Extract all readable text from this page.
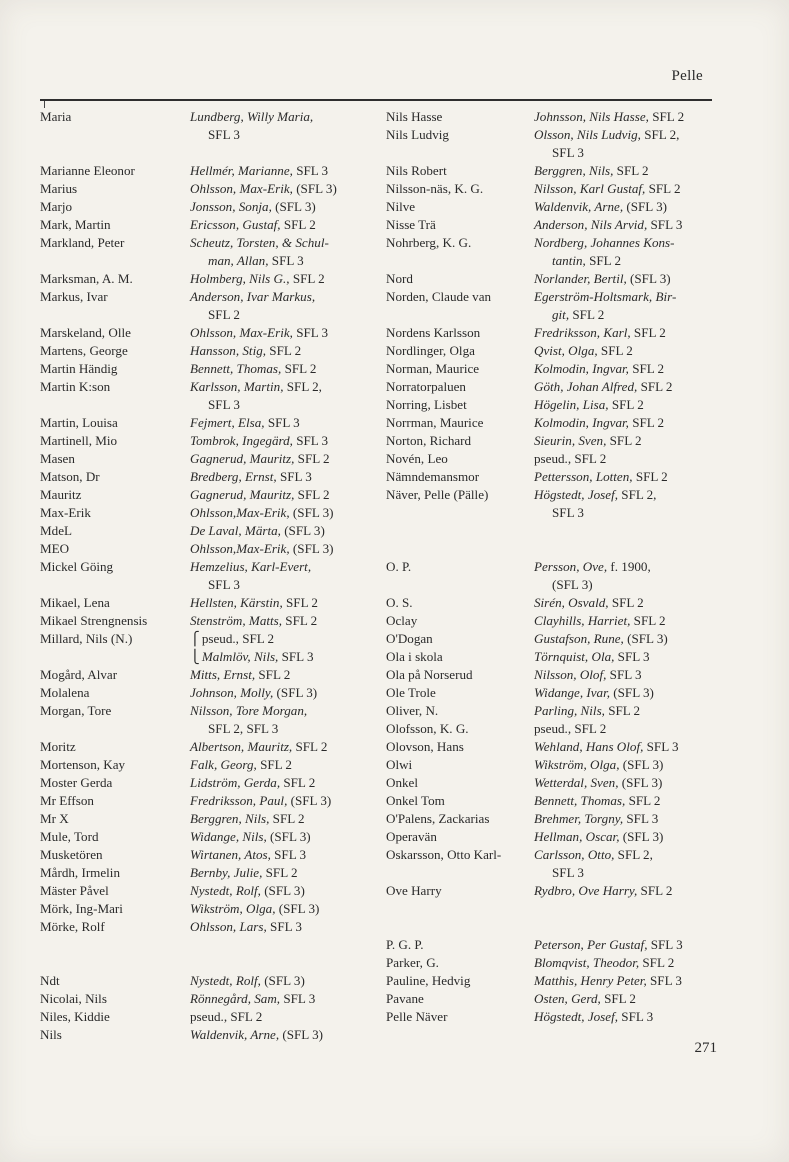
Pelle
Maria	Lundberg, Willy Maria,
SFL 3
Marianne Eleonor	Hellmér, Marianne, SFL 3
Marius	Ohlsson, Max-Erik, (SFL 3)
Marjo	Jonsson, Sonja, (SFL 3)
Mark, Martin	Ericsson, Gustaf, SFL 2
Markland, Peter	Scheutz, Torsten, & Schul-
man, Allan, SFL 3
Marksman, A. M.	Holmberg, Nils G., SFL 2
Markus, Ivar	Anderson, Ivar Markus,
SFL 2
Marskeland, Olle	Ohlsson, Max-Erik, SFL 3
Martens, George	Hansson, Stig, SFL 2
Martin Händig	Bennett, Thomas, SFL 2
Martin K:son	Karlsson, Martin, SFL 2,
SFL 3
Martin, Louisa	Fejmert, Elsa, SFL 3
Martinell, Mio	Tombrok, Ingegärd, SFL 3
Masen	Gagnerud, Mauritz, SFL 2
Matson, Dr	Bredberg, Ernst, SFL 3
Mauritz	Gagnerud, Mauritz, SFL 2
Max-Erik	Ohlsson,Max-Erik, (SFL 3)
MdeL	De Laval, Märta, (SFL 3)
MEO	Ohlsson,Max-Erik, (SFL 3)
Mickel Göing	Hemzelius, Karl-Evert,
SFL 3
Mikael, Lena	Hellsten, Kärstin, SFL 2
Mikael Strengnensis	Stenström, Matts, SFL 2
Millard, Nils (N.)	⎧ pseud., SFL 2
⎩ Malmlöv, Nils, SFL 3
Mogård, Alvar	Mitts, Ernst, SFL 2
Molalena	Johnson, Molly, (SFL 3)
Morgan, Tore	Nilsson, Tore Morgan,
SFL 2, SFL 3
Moritz	Albertson, Mauritz, SFL 2
Mortenson, Kay	Falk, Georg, SFL 2
Moster Gerda	Lidström, Gerda, SFL 2
Mr Effson	Fredriksson, Paul, (SFL 3)
Mr X	Berggren, Nils, SFL 2
Mule, Tord	Widange, Nils, (SFL 3)
Musketören	Wirtanen, Atos, SFL 3
Mårdh, Irmelin	Bernby, Julie, SFL 2
Mäster Påvel	Nystedt, Rolf, (SFL 3)
Mörk, Ing-Mari	Wikström, Olga, (SFL 3)
Mörke, Rolf	Ohlsson, Lars, SFL 3
Ndt	Nystedt, Rolf, (SFL 3)
Nicolai, Nils	Rönnegård, Sam, SFL 3
Niles, Kiddie	pseud., SFL 2
Nils	Waldenvik, Arne, (SFL 3)
Nils Hasse	Johnsson, Nils Hasse, SFL 2
Nils Ludvig	Olsson, Nils Ludvig, SFL 2,
SFL 3
Nils Robert	Berggren, Nils, SFL 2
Nilsson-näs, K. G.	Nilsson, Karl Gustaf, SFL 2
Nilve	Waldenvik, Arne, (SFL 3)
Nisse Trä	Anderson, Nils Arvid, SFL 3
Nohrberg, K. G.	Nordberg, Johannes Kons-
tantin, SFL 2
Nord	Norlander, Bertil, (SFL 3)
Norden, Claude van	Egerström-Holtsmark, Bir-
git, SFL 2
Nordens Karlsson	Fredriksson, Karl, SFL 2
Nordlinger, Olga	Qvist, Olga, SFL 2
Norman, Maurice	Kolmodin, Ingvar, SFL 2
Norratorpaluen	Göth, Johan Alfred, SFL 2
Norring, Lisbet	Högelin, Lisa, SFL 2
Norrman, Maurice	Kolmodin, Ingvar, SFL 2
Norton, Richard	Sieurin, Sven, SFL 2
Novén, Leo	pseud., SFL 2
Nämndemansmor	Pettersson, Lotten, SFL 2
Näver, Pelle (Pälle)	Högstedt, Josef, SFL 2,
SFL 3
O. P.	Persson, Ove, f. 1900,
(SFL 3)
O. S.	Sirén, Osvald, SFL 2
Oclay	Clayhills, Harriet, SFL 2
O'Dogan	Gustafson, Rune, (SFL 3)
Ola i skola	Törnquist, Ola, SFL 3
Ola på Norserud	Nilsson, Olof, SFL 3
Ole Trole	Widange, Ivar, (SFL 3)
Oliver, N.	Parling, Nils, SFL 2
Olofsson, K. G.	pseud., SFL 2
Olovson, Hans	Wehland, Hans Olof, SFL 3
Olwi	Wikström, Olga, (SFL 3)
Onkel	Wetterdal, Sven, (SFL 3)
Onkel Tom	Bennett, Thomas, SFL 2
O'Palens, Zackarias	Brehmer, Torgny, SFL 3
Operavän	Hellman, Oscar, (SFL 3)
Oskarsson, Otto Karl-	Carlsson, Otto, SFL 2,
SFL 3
Ove Harry	Rydbro, Ove Harry, SFL 2
P. G. P.	Peterson, Per Gustaf, SFL 3
Parker, G.	Blomqvist, Theodor, SFL 2
Pauline, Hedvig	Matthis, Henry Peter, SFL 3
Pavane	Osten, Gerd, SFL 2
Pelle Näver	Högstedt, Josef, SFL 3
271
